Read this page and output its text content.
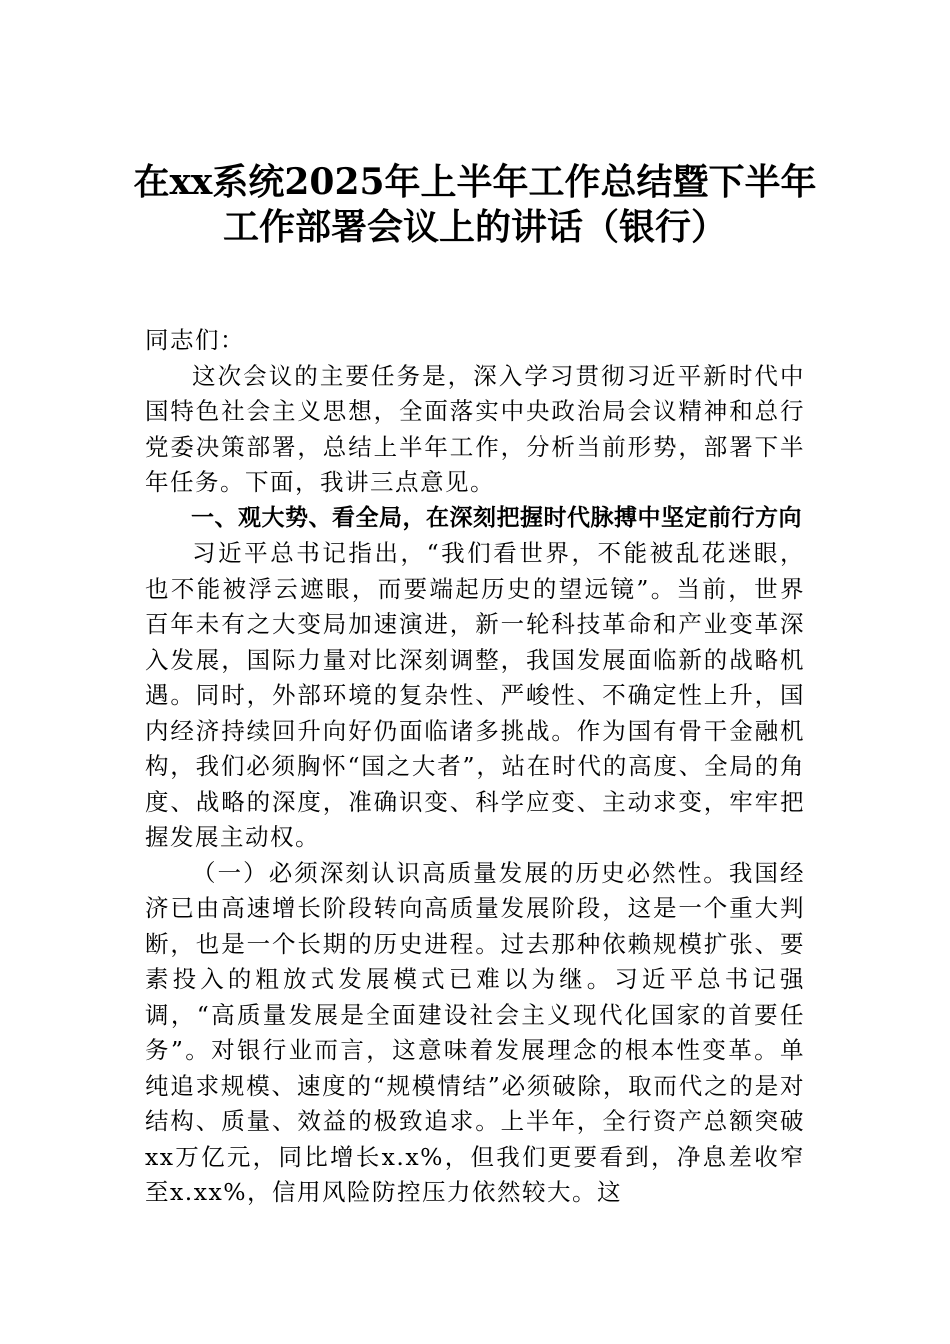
在xx系统2025年上半年工作总结暨下半年
工作部署会议上的讲话（银行）

同志们：

这次会议的主要任务是，深入学习贯彻习近平新时代中国特色社会主义思想，全面落实中央政治局会议精神和总行党委决策部署，总结上半年工作，分析当前形势，部署下半年任务。下面，我讲三点意见。

一、观大势、看全局，在深刻把握时代脉搏中坚定前行方向

习近平总书记指出，“我们看世界，不能被乱花迷眼，也不能被浮云遮眼，而要端起历史的望远镜”。当前，世界百年未有之大变局加速演进，新一轮科技革命和产业变革深入发展，国际力量对比深刻调整，我国发展面临新的战略机遇。同时，外部环境的复杂性、严峻性、不确定性上升，国内经济持续回升向好仍面临诸多挑战。作为国有骨干金融机构，我们必须胸怀“国之大者”，站在时代的高度、全局的角度、战略的深度，准确识变、科学应变、主动求变，牢牢把握发展主动权。

（一）必须深刻认识高质量发展的历史必然性。我国经济已由高速增长阶段转向高质量发展阶段，这是一个重大判断，也是一个长期的历史进程。过去那种依赖规模扩张、要素投入的粗放式发展模式已难以为继。习近平总书记强调，“高质量发展是全面建设社会主义现代化国家的首要任务”。对银行业而言，这意味着发展理念的根本性变革。单纯追求规模、速度的“规模情结”必须破除，取而代之的是对结构、质量、效益的极致追求。上半年，全行资产总额突破xx万亿元，同比增长x.x%，但我们更要看到，净息差收窄至x.xx%，信用风险防控压力依然较大。这
